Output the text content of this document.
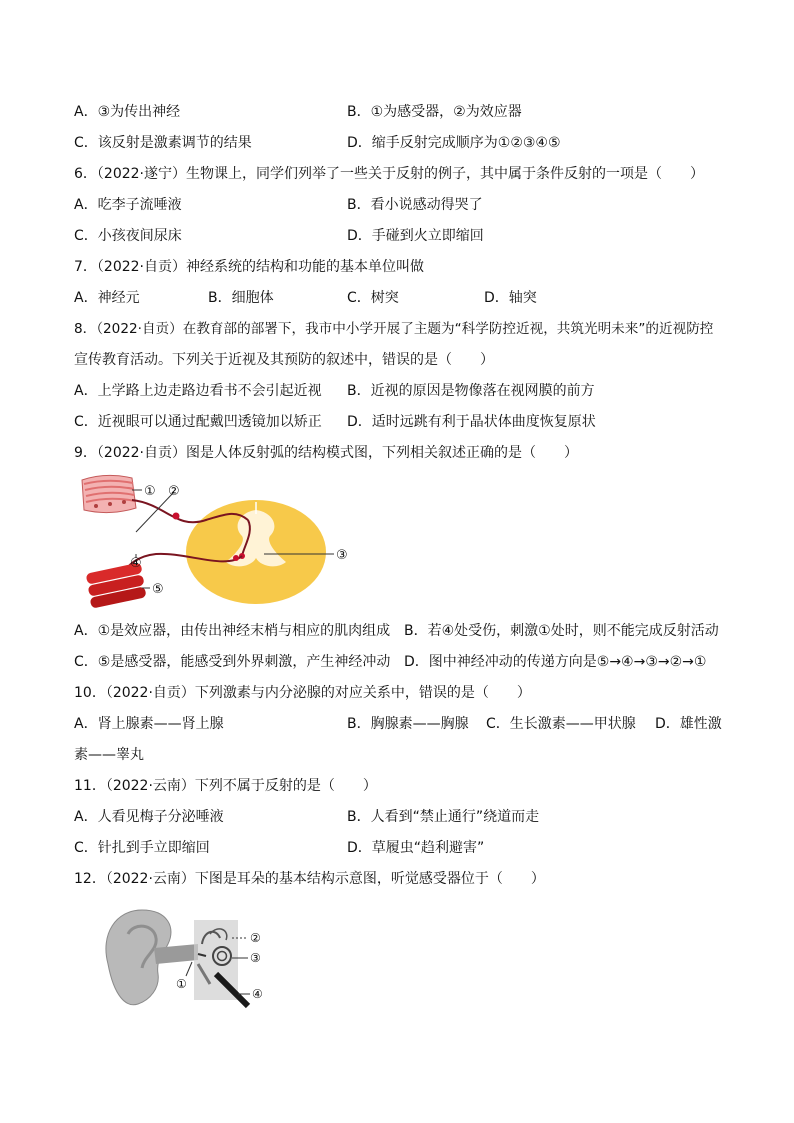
A．③为传出神经	B．①为感受器，②为效应器
C．该反射是激素调节的结果	D．缩手反射完成顺序为①②③④⑤
6．（2022·遂宁）生物课上，同学们列举了一些关于反射的例子，其中属于条件反射的一项是（　　）
A．吃李子流唾液	B．看小说感动得哭了
C．小孩夜间尿床	D．手碰到火立即缩回
7．（2022·自贡）神经系统的结构和功能的基本单位叫做
A．神经元	B．细胞体	C．树突	D．轴突
8．（2022·自贡）在教育部的部署下，我市中小学开展了主题为“科学防控近视，共筑光明未来”的近视防控
宣传教育活动。下列关于近视及其预防的叙述中，错误的是（　　）
A．上学路上边走路边看书不会引起近视 B．近视的原因是物像落在视网膜的前方
C．近视眼可以通过配戴凹透镜加以矫正 D．适时远跳有利于晶状体曲度恢复原状
9．（2022·自贡）图是人体反射弧的结构模式图，下列相关叙述正确的是（　　）
① ②
③
④
⑤
A．①是效应器，由传出神经末梢与相应的肌肉组成 B．若④处受伤，刺激①处时，则不能完成反射活动
C．⑤是感受器，能感受到外界刺激，产生神经冲动 D．图中神经冲动的传递方向是⑤→④→③→②→①
10．（2022·自贡）下列激素与内分泌腺的对应关系中，错误的是（　　）
A．肾上腺素——肾上腺	B．胸腺素——胸腺 C．生长激素——甲状腺 D．雄性激
素——睾丸
11．（2022·云南）下列不属于反射的是（　　）
A．人看见梅子分泌唾液	B．人看到“禁止通行”绕道而走
C．针扎到手立即缩回	D．草履虫“趋利避害”
12．（2022·云南）下图是耳朵的基本结构示意图，听觉感受器位于（　　）
①
②
③
④
